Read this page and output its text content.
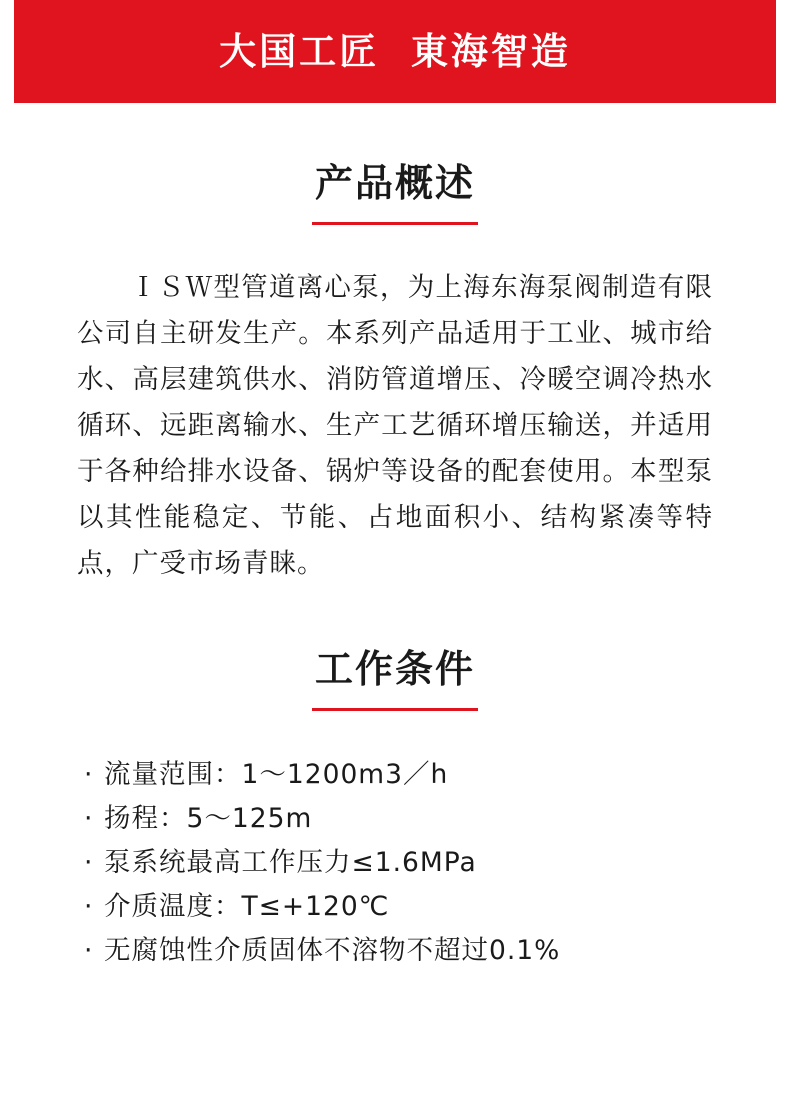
大国工匠  東海智造
产品概述
ＩＳＷ型管道离心泵，为上海东海泵阀制造有限公司自主研发生产。本系列产品适用于工业、城市给水、高层建筑供水、消防管道增压、冷暖空调冷热水循环、远距离输水、生产工艺循环增压输送，并适用于各种给排水设备、锅炉等设备的配套使用。本型泵以其性能稳定、节能、占地面积小、结构紧凑等特点，广受市场青睐。
工作条件
· 流量范围：1～1200m3／h
· 扬程：5～125m
· 泵系统最高工作压力≤1.6MPa
· 介质温度：T≤+120℃
· 无腐蚀性介质固体不溶物不超过0.1%
